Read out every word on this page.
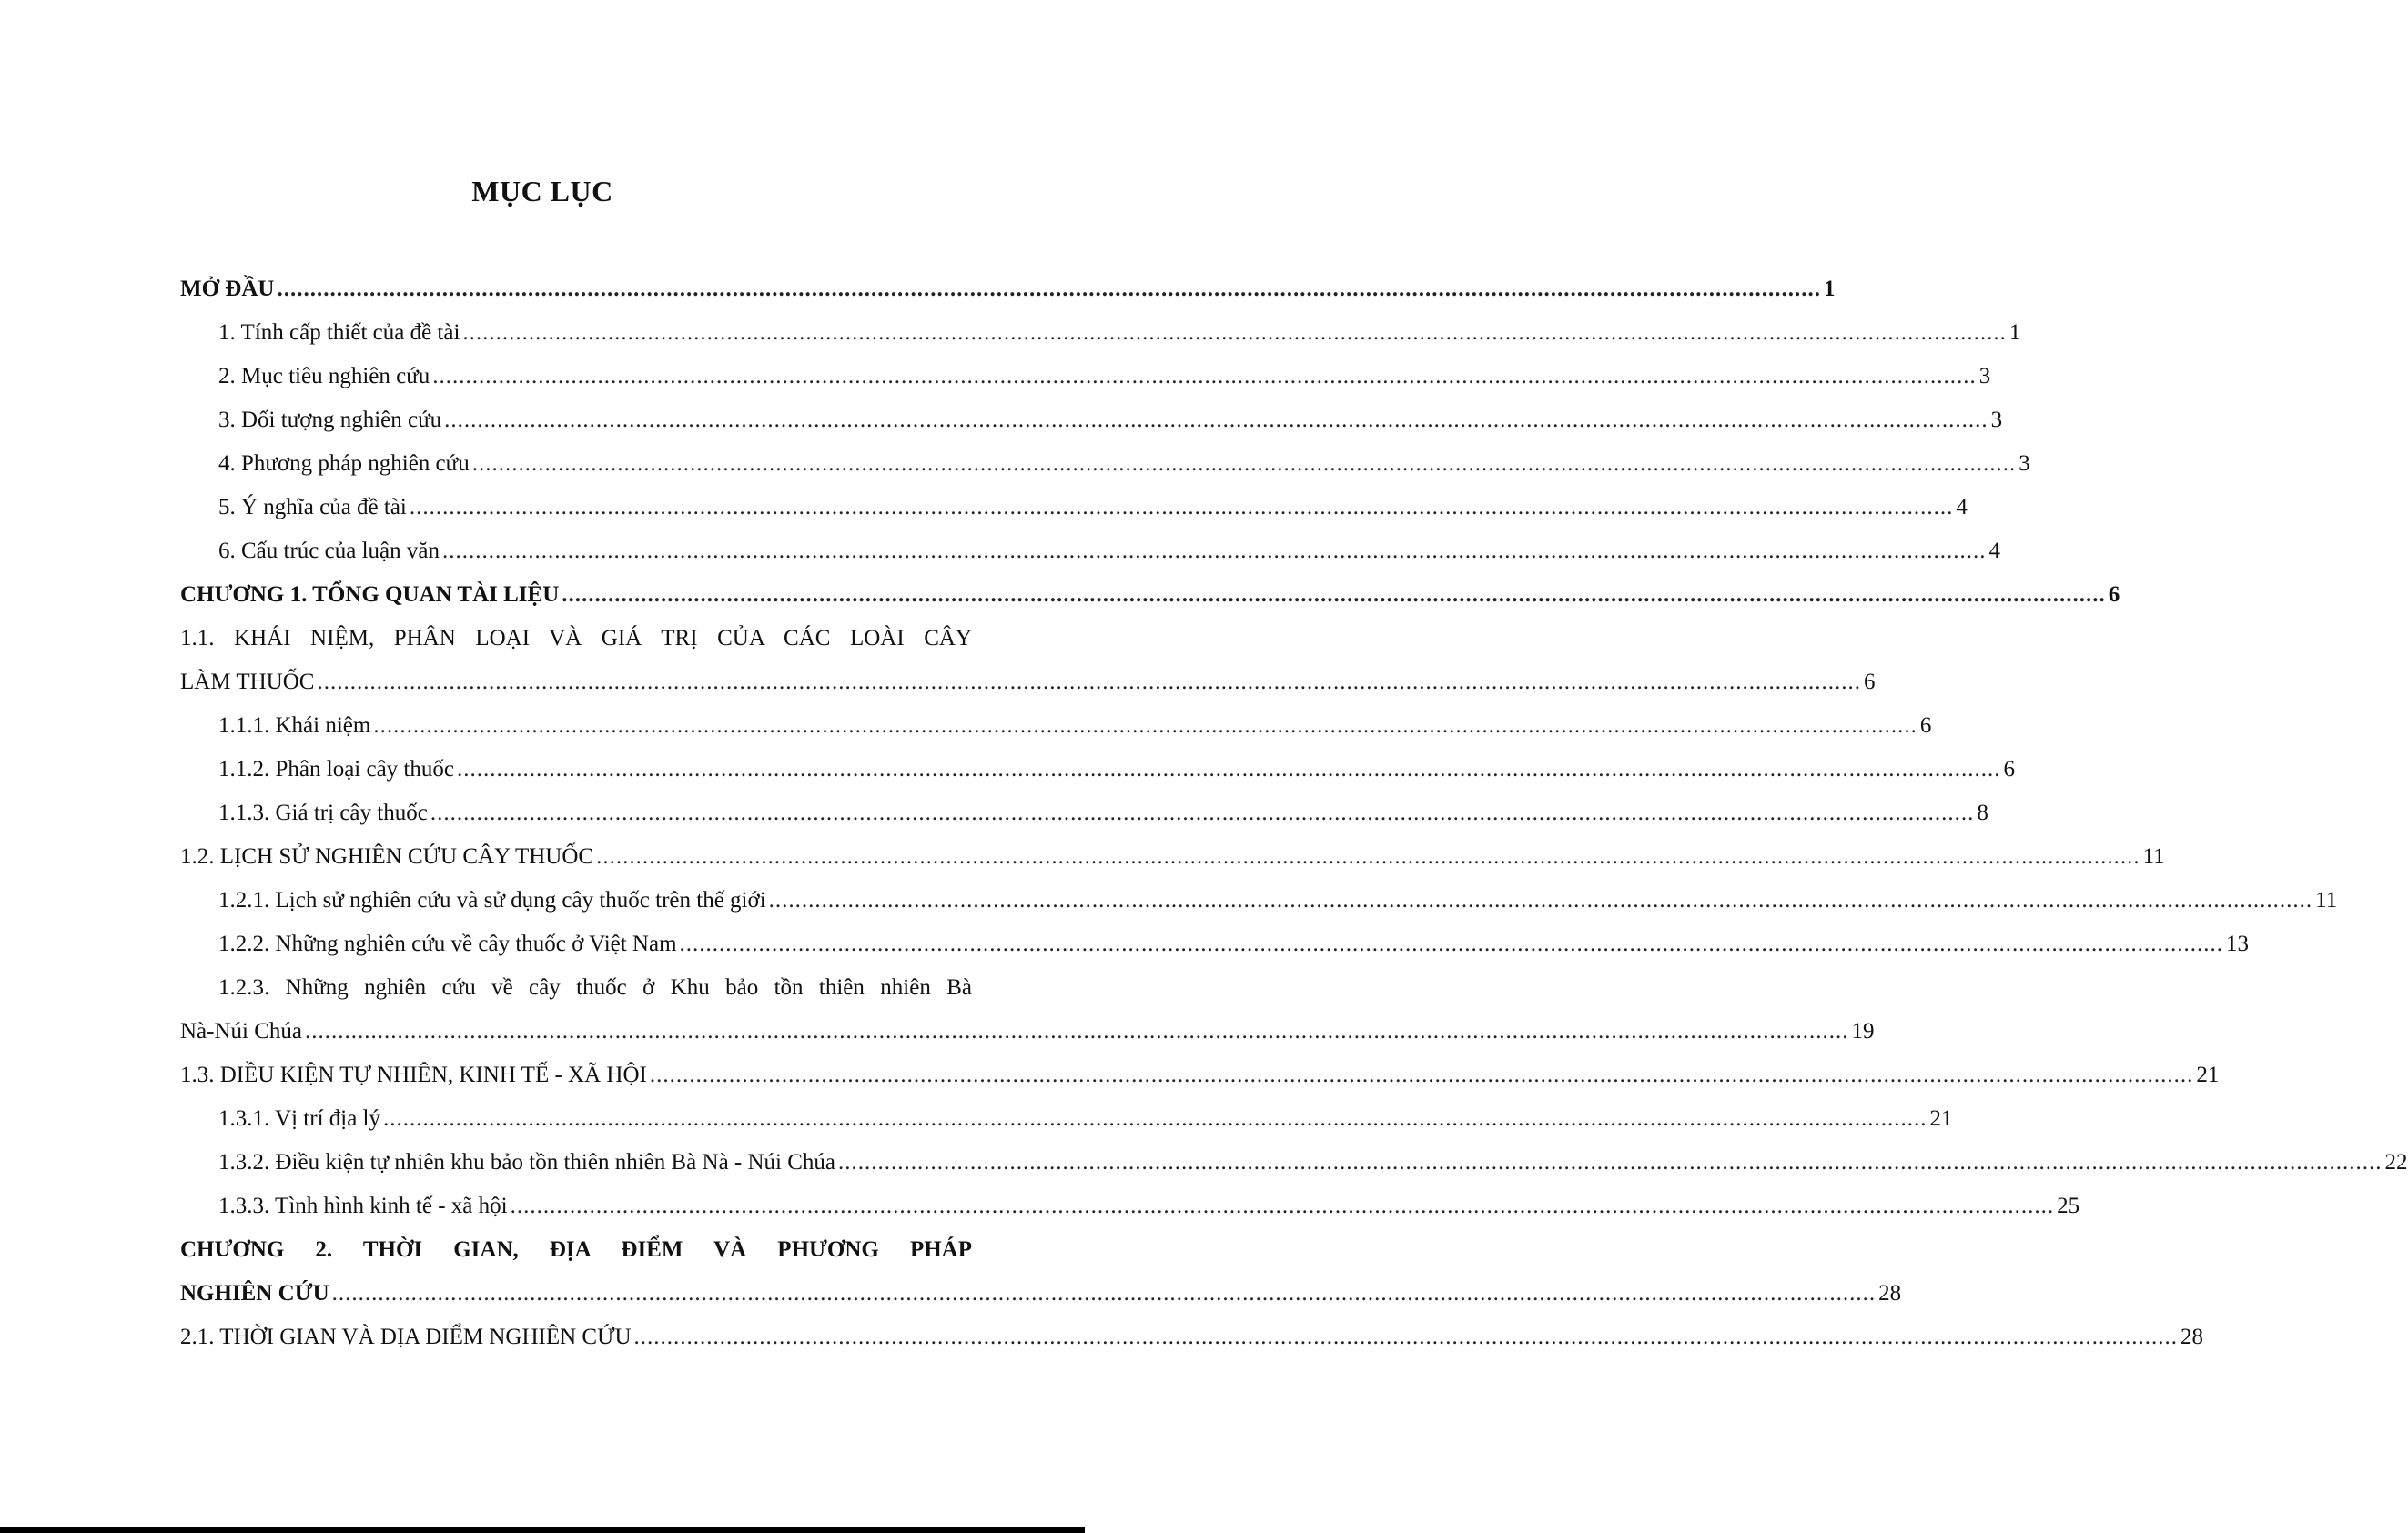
MỤC LỤC
MỞ ĐẦU .......................................................................................................................................................................................................................................... 1
1. Tính cấp thiết của đề tài .......................................................................................................................................................................................................................................... 1
2. Mục tiêu nghiên cứu .......................................................................................................................................................................................................................................... 3
3. Đối tượng nghiên cứu .......................................................................................................................................................................................................................................... 3
4. Phương pháp nghiên cứu .......................................................................................................................................................................................................................................... 3
5. Ý nghĩa của đề tài .......................................................................................................................................................................................................................................... 4
6. Cấu trúc của luận văn .......................................................................................................................................................................................................................................... 4
CHƯƠNG 1. TỔNG QUAN TÀI LIỆU .......................................................................................................................................................................................................................................... 6
1.1. KHÁI NIỆM, PHÂN LOẠI VÀ GIÁ TRỊ CỦA CÁC LOÀI CÂY
LÀM THUỐC .......................................................................................................................................................................................................................................... 6
1.1.1. Khái niệm .......................................................................................................................................................................................................................................... 6
1.1.2. Phân loại cây thuốc .......................................................................................................................................................................................................................................... 6
1.1.3. Giá trị cây thuốc .......................................................................................................................................................................................................................................... 8
1.2. LỊCH SỬ NGHIÊN CỨU CÂY THUỐC .......................................................................................................................................................................................................................................... 11
1.2.1. Lịch sử nghiên cứu và sử dụng cây thuốc trên thế giới .......................................................................................................................................................................................................................................... 11
1.2.2. Những nghiên cứu về cây thuốc ở Việt Nam .......................................................................................................................................................................................................................................... 13
1.2.3. Những nghiên cứu về cây thuốc ở Khu bảo tồn thiên nhiên Bà
Nà-Núi Chúa .......................................................................................................................................................................................................................................... 19
1.3. ĐIỀU KIỆN TỰ NHIÊN, KINH TẾ - XÃ HỘI .......................................................................................................................................................................................................................................... 21
1.3.1. Vị trí địa lý .......................................................................................................................................................................................................................................... 21
1.3.2. Điều kiện tự nhiên khu bảo tồn thiên nhiên Bà Nà - Núi Chúa .......................................................................................................................................................................................................................................... 22
1.3.3. Tình hình kinh tế - xã hội .......................................................................................................................................................................................................................................... 25
CHƯƠNG 2. THỜI GIAN, ĐỊA ĐIỂM VÀ PHƯƠNG PHÁP
NGHIÊN CỨU .......................................................................................................................................................................................................................................... 28
2.1. THỜI GIAN VÀ ĐỊA ĐIỂM NGHIÊN CỨU .......................................................................................................................................................................................................................................... 28
